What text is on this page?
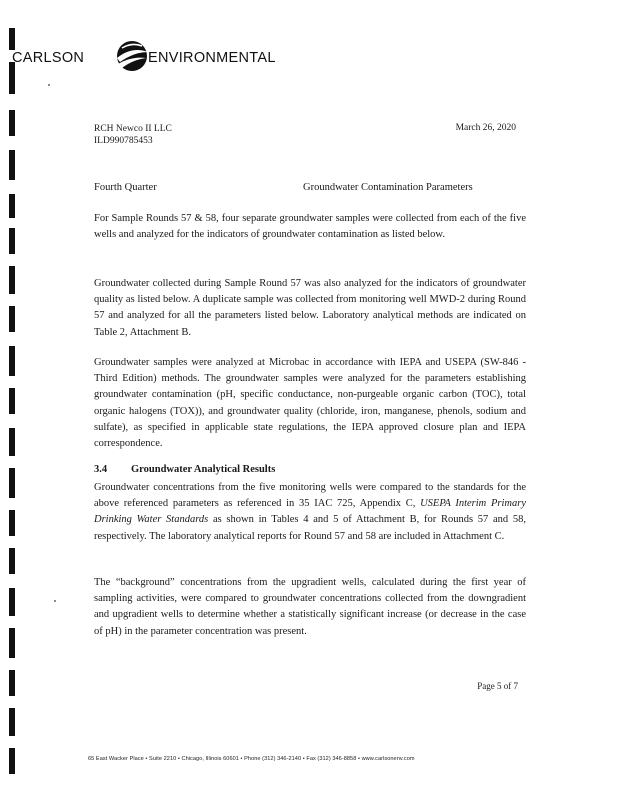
CARLSON	ENVIRONMENTAL
RCH Newco II LLC
ILD990785453
March 26, 2020
Fourth Quarter	Groundwater Contamination Parameters

For Sample Rounds 57 & 58, four separate groundwater samples were collected from each of the five wells and analyzed for the indicators of groundwater contamination as listed below.

Groundwater collected during Sample Round 57 was also analyzed for the indicators of groundwater quality as listed below. A duplicate sample was collected from monitoring well MWD-2 during Round 57 and analyzed for all the parameters listed below. Laboratory analytical methods are indicated on Table 2, Attachment B.

Groundwater samples were analyzed at Microbac in accordance with IEPA and USEPA (SW-846 - Third Edition) methods. The groundwater samples were analyzed for the parameters establishing groundwater contamination (pH, specific conductance, non-purgeable organic carbon (TOC), total organic halogens (TOX)), and groundwater quality (chloride, iron, manganese, phenols, sodium and sulfate), as specified in applicable state regulations, the IEPA approved closure plan and IEPA correspondence.

3.4 Groundwater Analytical Results

Groundwater concentrations from the five monitoring wells were compared to the standards for the above referenced parameters as referenced in 35 IAC 725, Appendix C, USEPA Interim Primary Drinking Water Standards as shown in Tables 4 and 5 of Attachment B, for Rounds 57 and 58, respectively. The laboratory analytical reports for Round 57 and 58 are included in Attachment C.

The “background” concentrations from the upgradient wells, calculated during the first year of sampling activities, were compared to groundwater concentrations collected from the downgradient and upgradient wells to determine whether a statistically significant increase (or decrease in the case of pH) in the parameter concentration was present.

Page 5 of 7
65 East Wacker Place • Suite 2210 • Chicago, Illinois 60601 • Phone (312) 346-2140 • Fax (312) 346-8858 • www.carlsonenv.com
